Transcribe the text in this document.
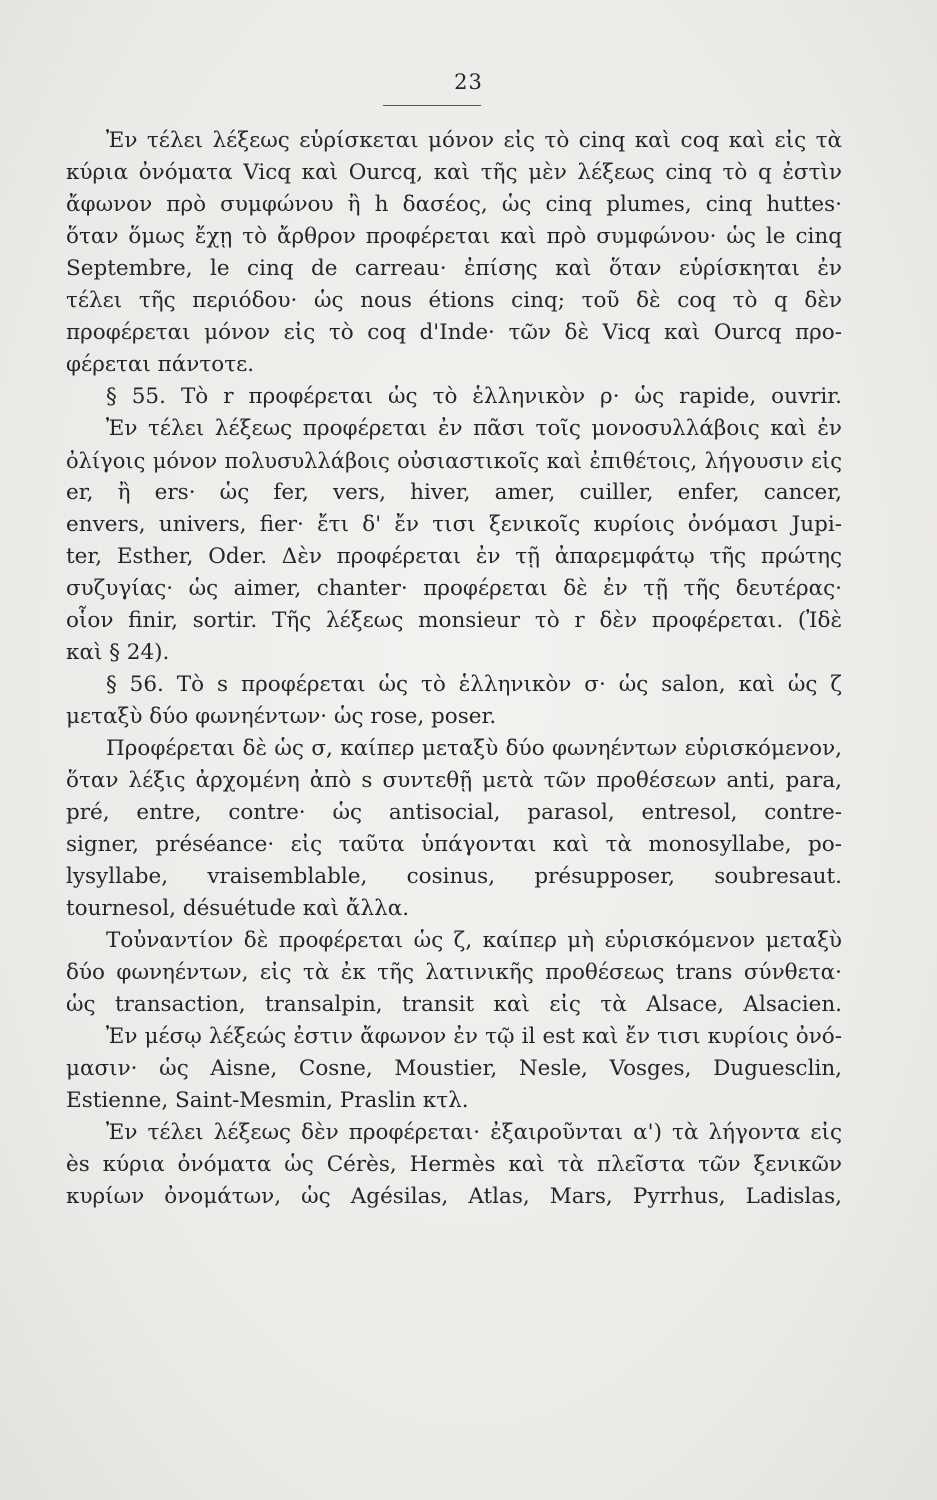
23
Ἐν τέλει λέξεως εὑρίσκεται μόνον εἰς τὸ cinq καὶ coq καὶ εἰς τὰ
κύρια ὀνόματα Vicq καὶ Ourcq, καὶ τῆς μὲν λέξεως cinq τὸ q ἐστὶν
ἄφωνον πρὸ συμφώνου ἢ h δασέος, ὡς cinq plumes, cinq huttes·
ὅταν ὅμως ἔχῃ τὸ ἄρθρον προφέρεται καὶ πρὸ συμφώνου· ὡς le cinq
Septembre, le cinq de carreau· ἐπίσης καὶ ὅταν εὑρίσκηται ἐν
τέλει τῆς περιόδου· ὡς nous étions cinq; τοῦ δὲ coq τὸ q δὲν
προφέρεται μόνον εἰς τὸ coq d'Inde· τῶν δὲ Vicq καὶ Ourcq προ-
φέρεται πάντοτε.
§ 55. Τὸ r προφέρεται ὡς τὸ ἑλληνικὸν ρ· ὡς rapide, ouvrir.
Ἐν τέλει λέξεως προφέρεται ἐν πᾶσι τοῖς μονοσυλλάβοις καὶ ἐν
ὀλίγοις μόνον πολυσυλλάβοις οὐσιαστικοῖς καὶ ἐπιθέτοις, λήγουσιν εἰς
er, ἢ ers· ὡς fer, vers, hiver, amer, cuiller, enfer, cancer,
envers, univers, fier· ἔτι δ' ἔν τισι ξενικοῖς κυρίοις ὀνόμασι Jupi-
ter, Esther, Oder. Δὲν προφέρεται ἐν τῇ ἀπαρεμφάτῳ τῆς πρώτης
συζυγίας· ὡς aimer, chanter· προφέρεται δὲ ἐν τῇ τῆς δευτέρας·
οἷον finir, sortir. Τῆς λέξεως monsieur τὸ r δὲν προφέρεται. (Ἰδὲ
καὶ § 24).
§ 56. Τὸ s προφέρεται ὡς τὸ ἑλληνικὸν σ· ὡς salon, καὶ ὡς ζ
μεταξὺ δύο φωνηέντων· ὡς rose, poser.
Προφέρεται δὲ ὡς σ, καίπερ μεταξὺ δύο φωνηέντων εὑρισκόμενον,
ὅταν λέξις ἀρχομένη ἀπὸ s συντεθῇ μετὰ τῶν προθέσεων anti, para,
pré, entre, contre· ὡς antisocial, parasol, entresol, contre-
signer, préséance· εἰς ταῦτα ὑπάγονται καὶ τὰ monosyllabe, po-
lysyllabe, vraisemblable, cosinus, présupposer, soubresaut.
tournesol, désuétude καὶ ἄλλα.
Τοὐναντίον δὲ προφέρεται ὡς ζ, καίπερ μὴ εὑρισκόμενον μεταξὺ
δύο φωνηέντων, εἰς τὰ ἐκ τῆς λατινικῆς προθέσεως trans σύνθετα·
ὡς transaction, transalpin, transit καὶ εἰς τὰ Alsace, Alsacien.
Ἐν μέσῳ λέξεώς ἐστιν ἄφωνον ἐν τῷ il est καὶ ἔν τισι κυρίοις ὀνό-
μασιν· ὡς Aisne, Cosne, Moustier, Nesle, Vosges, Duguesclin,
Estienne, Saint-Mesmin, Praslin κτλ.
Ἐν τέλει λέξεως δὲν προφέρεται· ἐξαιροῦνται α') τὰ λήγοντα εἰς
ès κύρια ὀνόματα ὡς Cérès, Hermès καὶ τὰ πλεῖστα τῶν ξενικῶν
κυρίων ὀνομάτων, ὡς Agésilas, Atlas, Mars, Pyrrhus, Ladislas,
